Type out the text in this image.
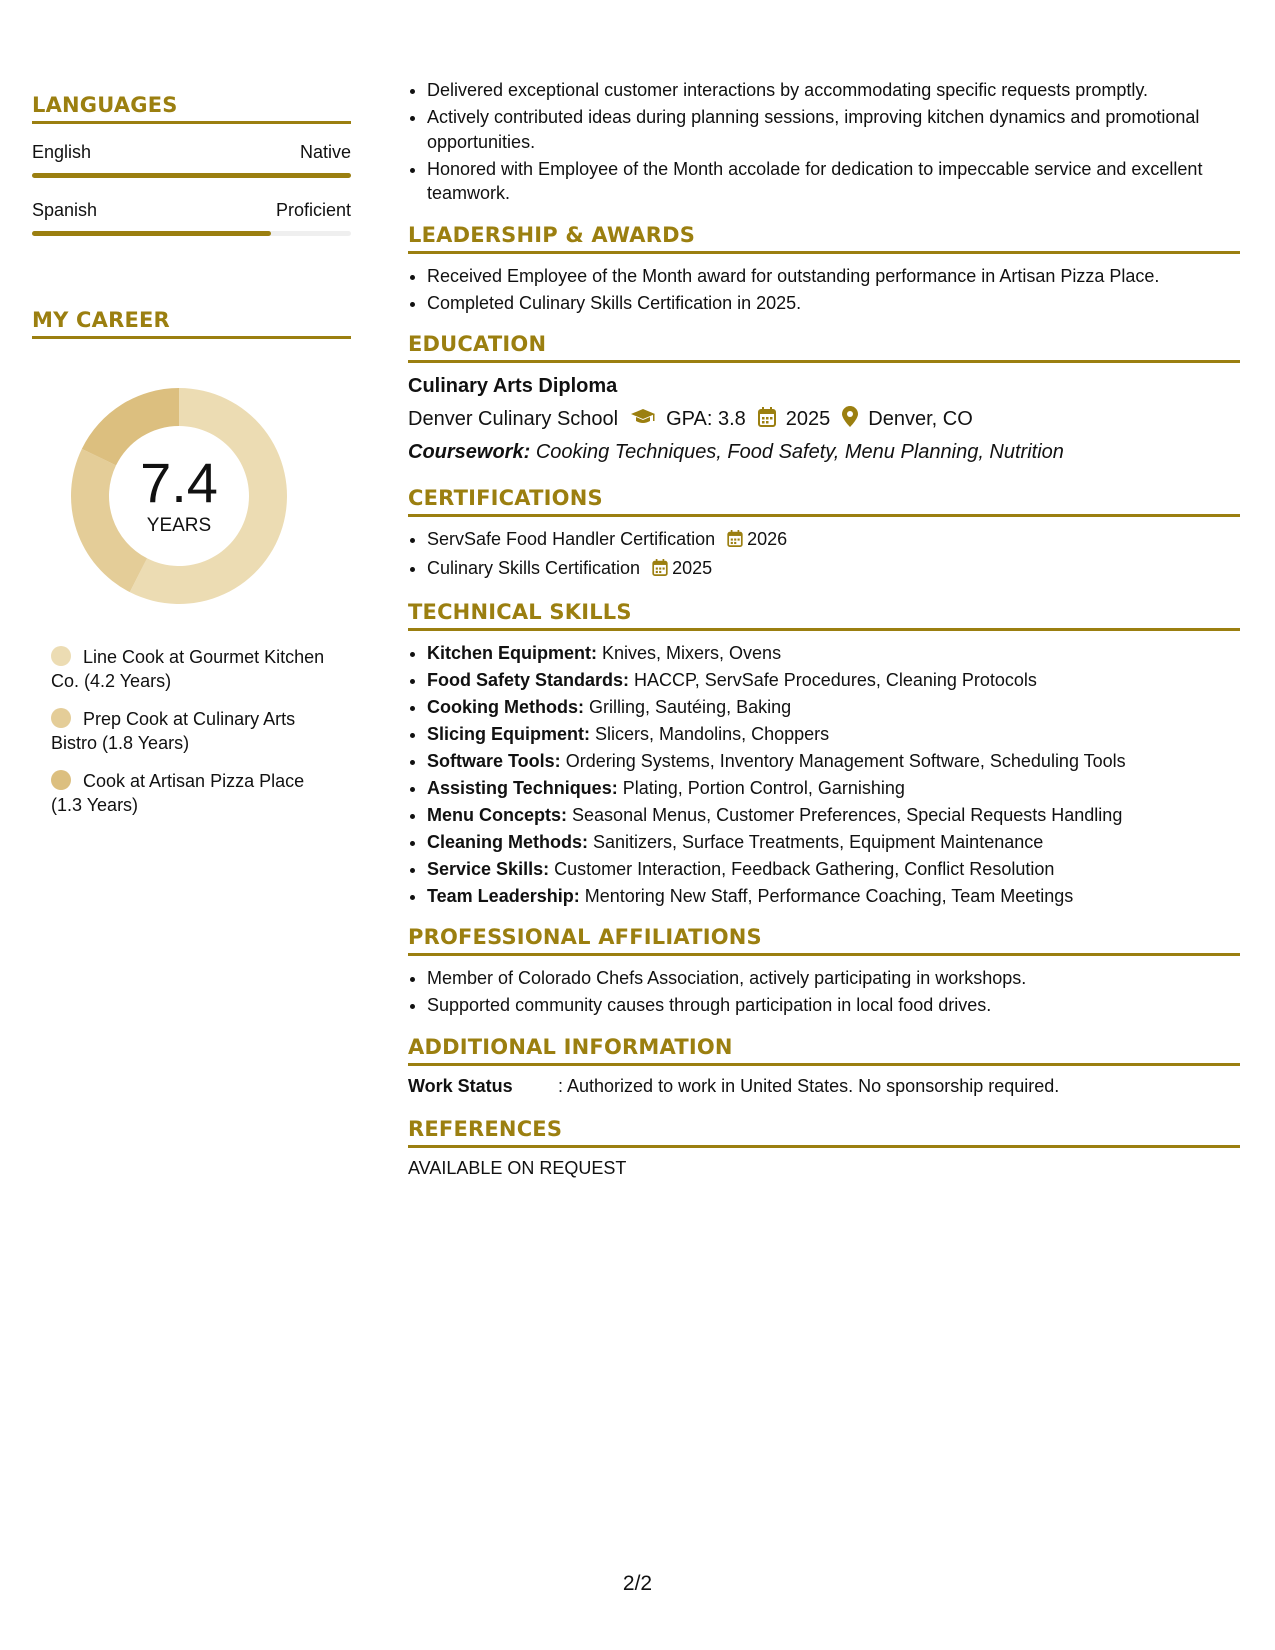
LANGUAGES
English	Native
Spanish	Proficient
MY CAREER
7.4
YEARS
Line Cook at Gourmet Kitchen Co. (4.2 Years)
Prep Cook at Culinary Arts Bistro (1.8 Years)
Cook at Artisan Pizza Place (1.3 Years)
• Delivered exceptional customer interactions by accommodating specific requests promptly.
• Actively contributed ideas during planning sessions, improving kitchen dynamics and promotional opportunities.
• Honored with Employee of the Month accolade for dedication to impeccable service and excellent teamwork.
LEADERSHIP & AWARDS
• Received Employee of the Month award for outstanding performance in Artisan Pizza Place.
• Completed Culinary Skills Certification in 2025.
EDUCATION
Culinary Arts Diploma
Denver Culinary School GPA: 3.8 2025 Denver, CO
Coursework: Cooking Techniques, Food Safety, Menu Planning, Nutrition
CERTIFICATIONS
• ServSafe Food Handler Certification 2026
• Culinary Skills Certification 2025
TECHNICAL SKILLS
• Kitchen Equipment: Knives, Mixers, Ovens
• Food Safety Standards: HACCP, ServSafe Procedures, Cleaning Protocols
• Cooking Methods: Grilling, Sautéing, Baking
• Slicing Equipment: Slicers, Mandolins, Choppers
• Software Tools: Ordering Systems, Inventory Management Software, Scheduling Tools
• Assisting Techniques: Plating, Portion Control, Garnishing
• Menu Concepts: Seasonal Menus, Customer Preferences, Special Requests Handling
• Cleaning Methods: Sanitizers, Surface Treatments, Equipment Maintenance
• Service Skills: Customer Interaction, Feedback Gathering, Conflict Resolution
• Team Leadership: Mentoring New Staff, Performance Coaching, Team Meetings
PROFESSIONAL AFFILIATIONS
• Member of Colorado Chefs Association, actively participating in workshops.
• Supported community causes through participation in local food drives.
ADDITIONAL INFORMATION
Work Status	: Authorized to work in United States. No sponsorship required.
REFERENCES
AVAILABLE ON REQUEST
2/2
